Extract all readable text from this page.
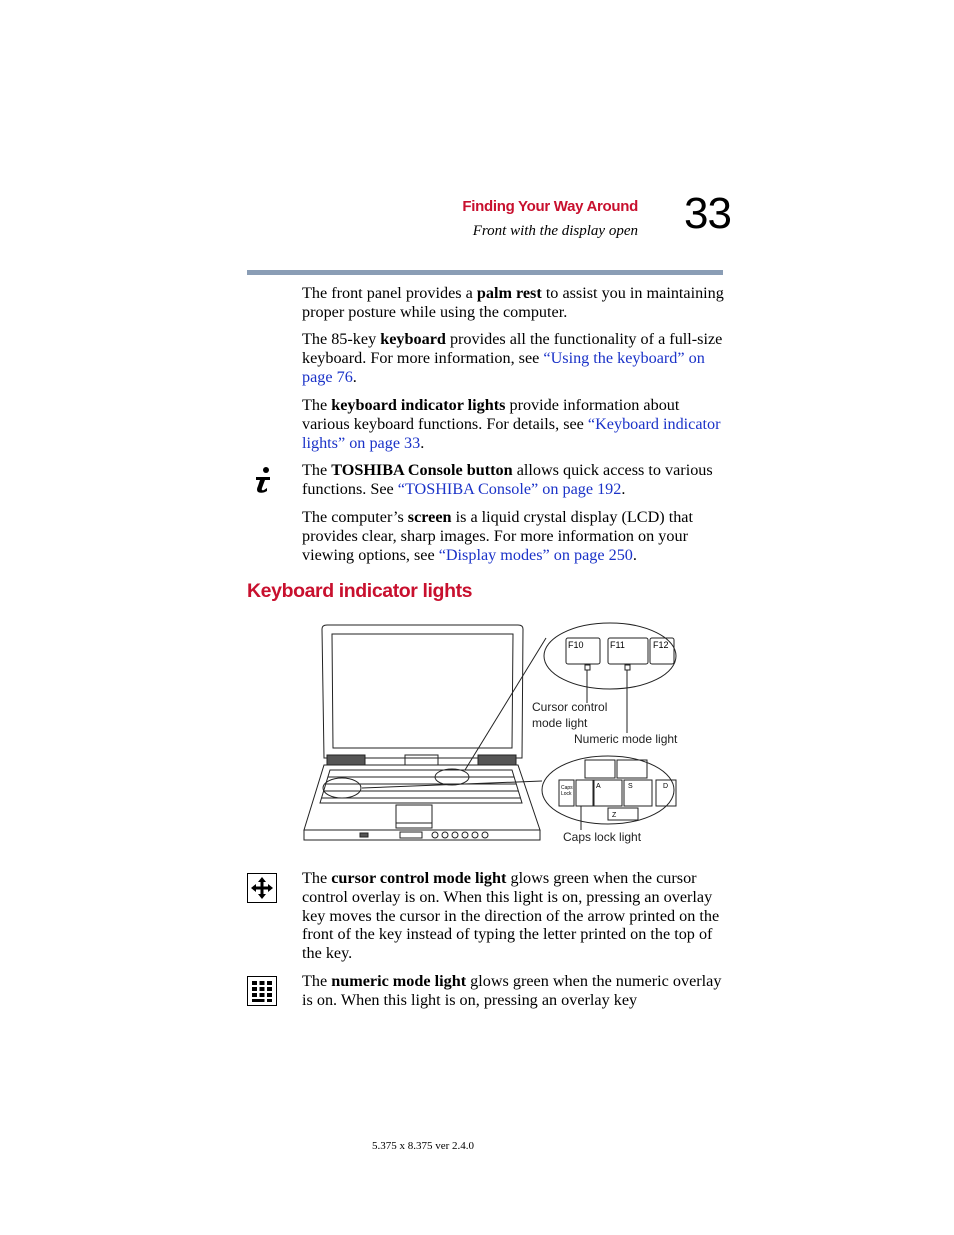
Finding Your Way Around
Front with the display open 33
The front panel provides a palm rest to assist you in maintaining proper posture while using the computer.
The 85-key keyboard provides all the functionality of a full-size keyboard. For more information, see “Using the keyboard” on page 76.
The keyboard indicator lights provide information about various keyboard functions. For details, see “Keyboard indicator lights” on page 33.
The TOSHIBA Console button allows quick access to various functions. See “TOSHIBA Console” on page 192.
The computer’s screen is a liquid crystal display (LCD) that provides clear, sharp images. For more information on your viewing options, see “Display modes” on page 250.
Keyboard indicator lights
F10	F11	F12
Caps
Lock
A	S	D
Z
Cursor control
mode light
Numeric mode light
Caps lock light
The cursor control mode light glows green when the cursor control overlay is on. When this light is on, pressing an overlay key moves the cursor in the direction of the arrow printed on the front of the key instead of typing the letter printed on the top of the key.
The numeric mode light glows green when the numeric overlay is on. When this light is on, pressing an overlay key
5.375 x 8.375 ver 2.4.0
